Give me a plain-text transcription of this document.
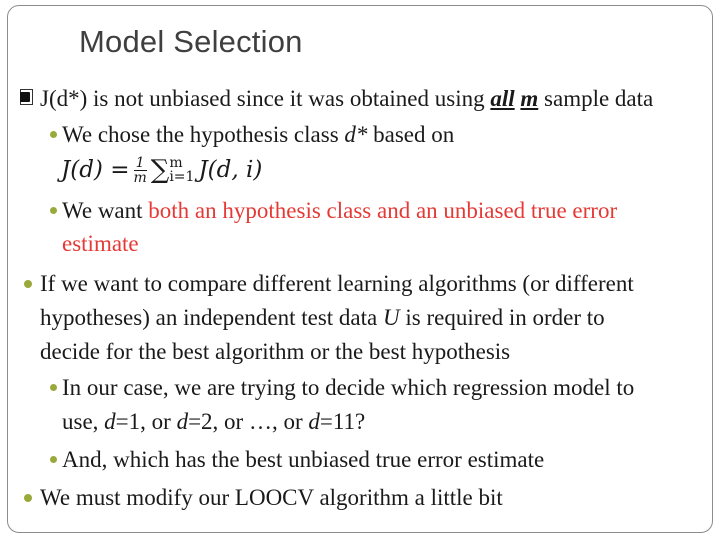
Model Selection
J(d*) is not unbiased since it was obtained using all m sample data
We chose the hypothesis class d* based on
$J(d) = \frac{1}{m}$ ∑ m
i=1 J(d, i)
We want both an hypothesis class and an unbiased true error
estimate
If we want to compare different learning algorithms (or different
hypotheses) an independent test data U is required in order to
decide for the best algorithm or the best hypothesis
In our case, we are trying to decide which regression model to
use, d=1, or d=2, or …, or d=11?
And, which has the best unbiased true error estimate
We must modify our LOOCV algorithm a little bit
